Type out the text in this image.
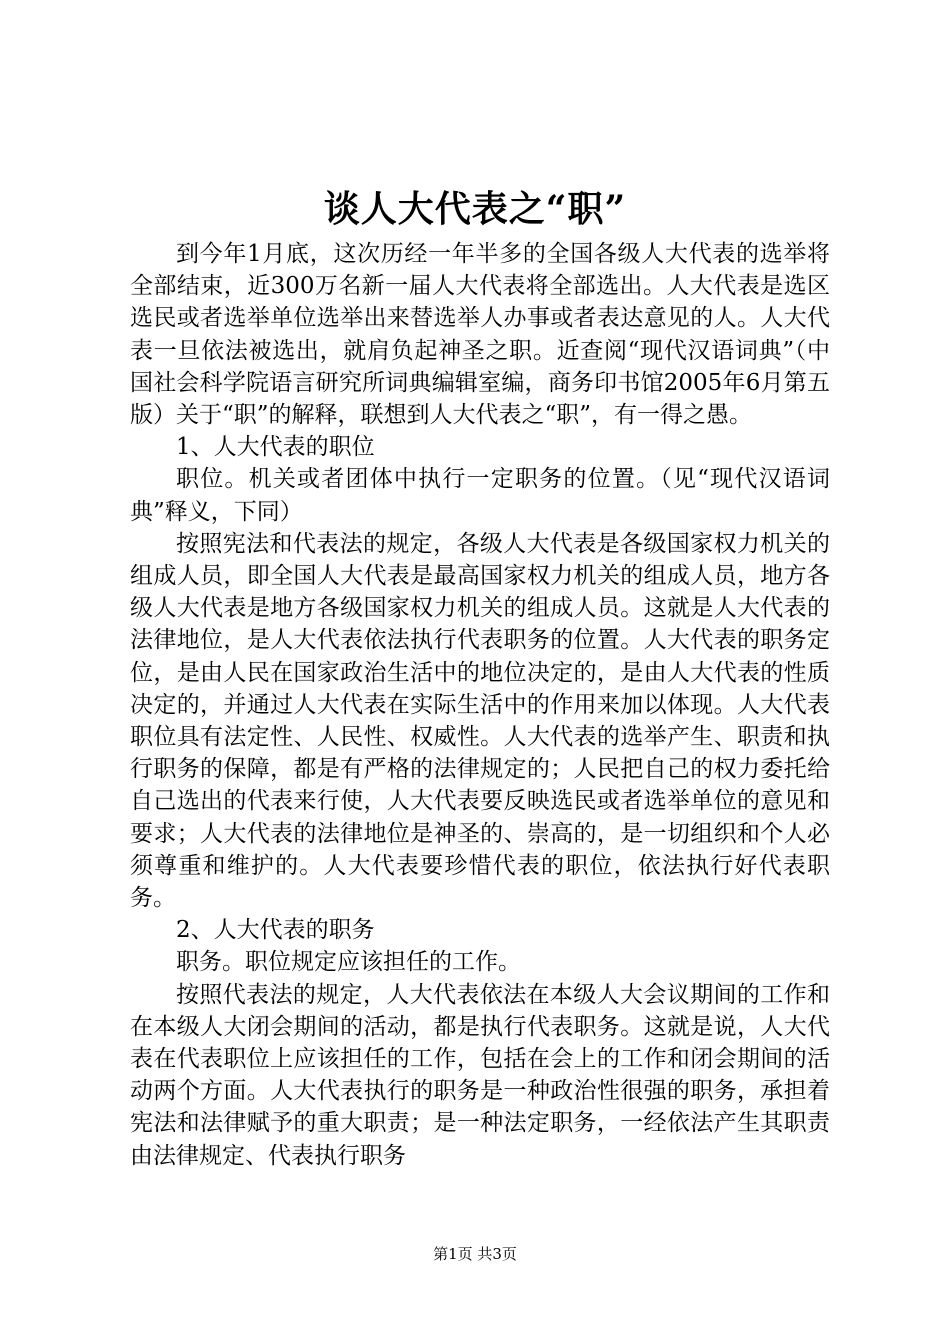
谈人大代表之“职”

到今年1月底，这次历经一年半多的全国各级人大代表的选举将全部结束，近300万名新一届人大代表将全部选出。人大代表是选区选民或者选举单位选举出来替选举人办事或者表达意见的人。人大代表一旦依法被选出，就肩负起神圣之职。近查阅“现代汉语词典”（中国社会科学院语言研究所词典编辑室编，商务印书馆2005年6月第五版）关于“职”的解释，联想到人大代表之“职”，有一得之愚。

1、人大代表的职位

职位。机关或者团体中执行一定职务的位置。（见“现代汉语词典”释义，下同）

按照宪法和代表法的规定，各级人大代表是各级国家权力机关的组成人员，即全国人大代表是最高国家权力机关的组成人员，地方各级人大代表是地方各级国家权力机关的组成人员。这就是人大代表的法律地位，是人大代表依法执行代表职务的位置。人大代表的职务定位，是由人民在国家政治生活中的地位决定的，是由人大代表的性质决定的，并通过人大代表在实际生活中的作用来加以体现。人大代表职位具有法定性、人民性、权威性。人大代表的选举产生、职责和执行职务的保障，都是有严格的法律规定的；人民把自己的权力委托给自己选出的代表来行使，人大代表要反映选民或者选举单位的意见和要求；人大代表的法律地位是神圣的、崇高的，是一切组织和个人必须尊重和维护的。人大代表要珍惜代表的职位，依法执行好代表职务。

2、人大代表的职务

职务。职位规定应该担任的工作。

按照代表法的规定，人大代表依法在本级人大会议期间的工作和在本级人大闭会期间的活动，都是执行代表职务。这就是说，人大代表在代表职位上应该担任的工作，包括在会上的工作和闭会期间的活动两个方面。人大代表执行的职务是一种政治性很强的职务，承担着宪法和法律赋予的重大职责；是一种法定职务，一经依法产生其职责由法律规定、代表执行职务

第1页 共3页
